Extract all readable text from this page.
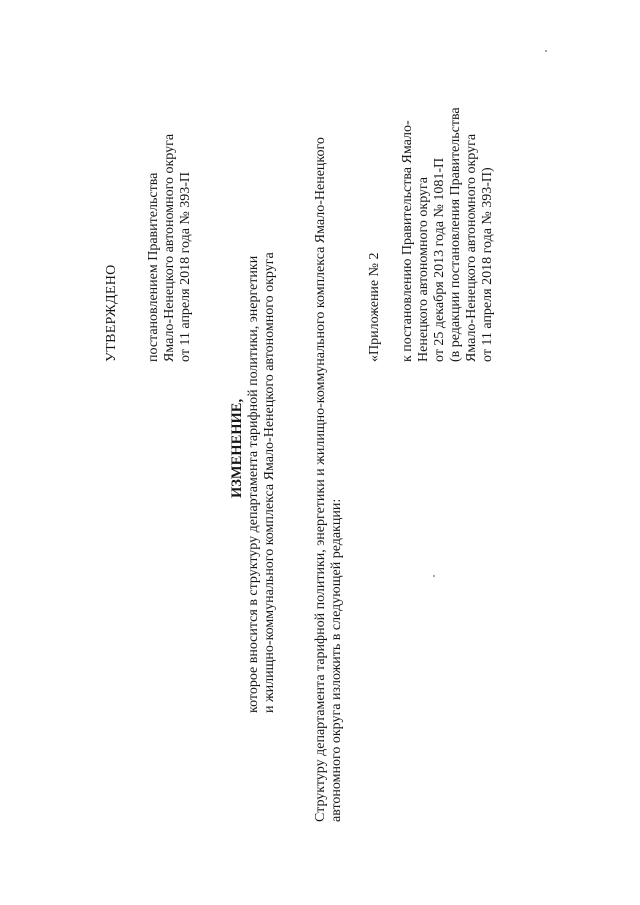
УТВЕРЖДЕНО постановлением Правительства Ямало-Ненецкого автономного округа от 11 апреля 2018 года № 393-П
ИЗМЕНЕНИЕ, которое вносится в структуру департамента тарифной политики, энергетики и жилищно-коммунального комплекса Ямало-Ненецкого автономного округа	Структуру департамента тарифной политики, энергетики и жилищно-коммунального комплекса Ямало-Ненецкого автономного округа изложить в следующей редакции:
«Приложение № 2 к постановлению Правительства Ямало- Ненецкого автономного округа от 25 декабря 2013 года № 1081-П (в редакции постановления Правительства Ямало-Ненецкого автономного округа от 11 апреля 2018 года № 393-П)
